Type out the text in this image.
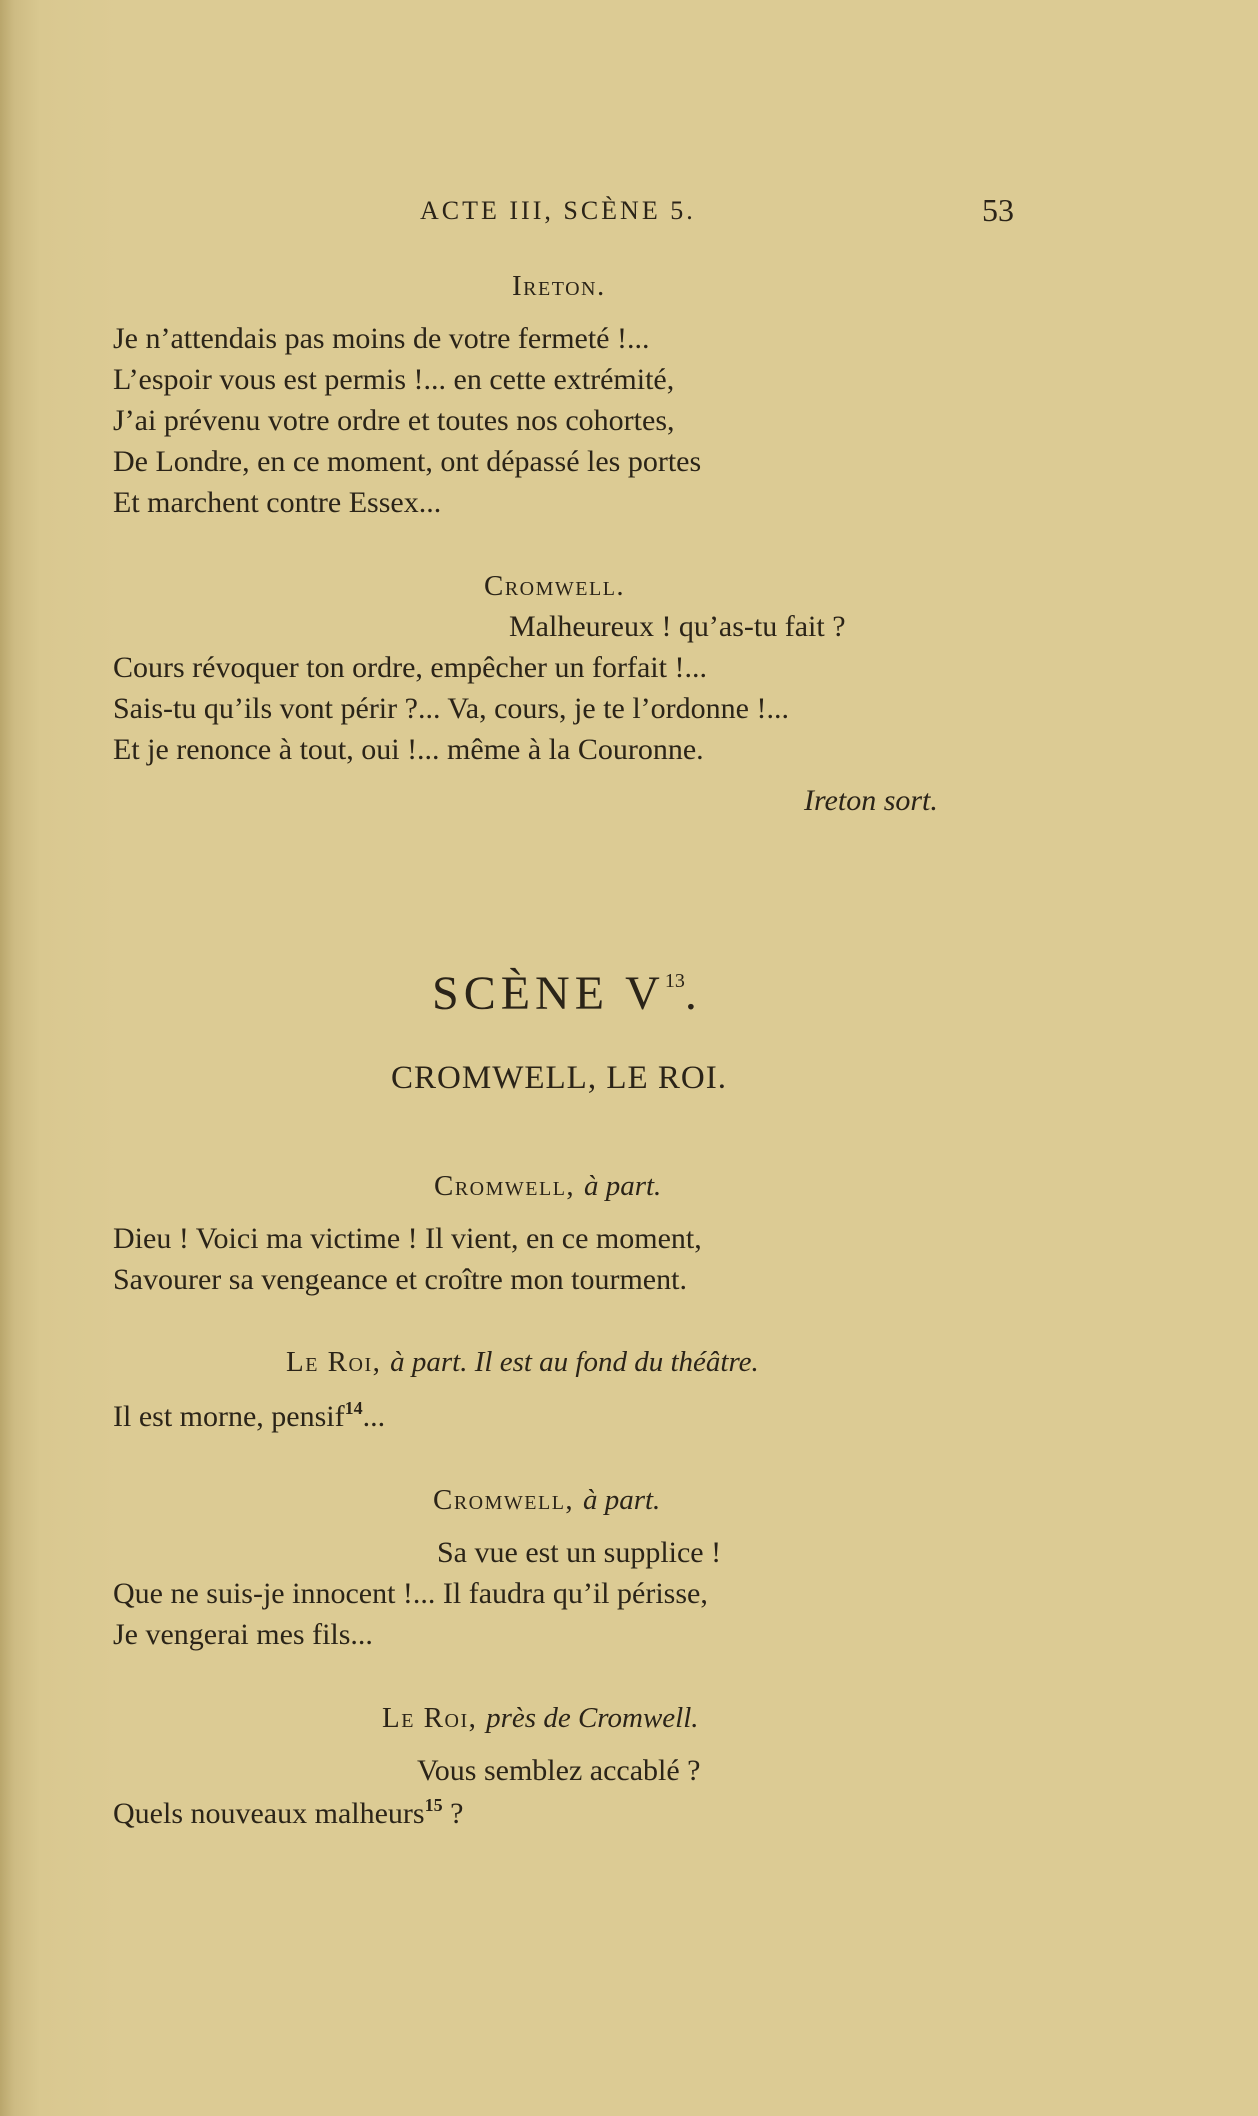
ACTE III, SCÈNE 5.	53
Ireton.
Je n’attendais pas moins de votre fermeté !...
L’espoir vous est permis !... en cette extrémité,
J’ai prévenu votre ordre et toutes nos cohortes,
De Londre, en ce moment, ont dépassé les portes
Et marchent contre Essex...
Cromwell.
Malheureux ! qu’as-tu fait ?
Cours révoquer ton ordre, empêcher un forfait !...
Sais-tu qu’ils vont périr ?... Va, cours, je te l’ordonne !...
Et je renonce à tout, oui !... même à la Couronne.
Ireton sort.
SCÈNE $V^{13}$.
CROMWELL, LE ROI.
Cromwell, à part.
Dieu ! Voici ma victime ! Il vient, en ce moment,
Savourer sa vengeance et croître mon tourment.
Le Roi, à part. Il est au fond du théâtre.
Il est morne, pensif$^{14}$...
Cromwell, à part.
Sa vue est un supplice !
Que ne suis-je innocent !... Il faudra qu’il périsse,
Je vengerai mes fils...
Le Roi, près de Cromwell.
Vous semblez accablé ?
Quels nouveaux malheurs$^{15}$ ?
